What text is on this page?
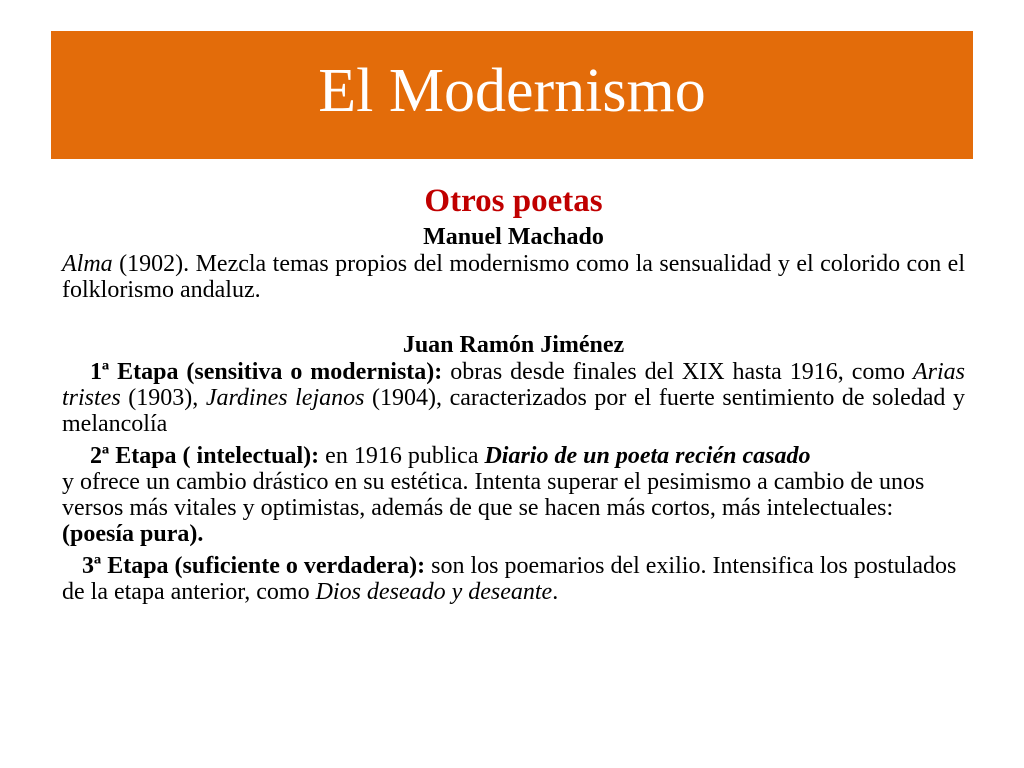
El Modernismo

Otros poetas

Manuel Machado

Alma (1902). Mezcla temas propios del modernismo como la sensualidad y el colorido con el folklorismo andaluz.

Juan Ramón Jiménez

1ª Etapa (sensitiva o modernista): obras desde finales del XIX hasta 1916, como Arias tristes (1903), Jardines lejanos (1904), caracterizados por el fuerte sentimiento de soledad y melancolía

2ª Etapa ( intelectual): en 1916 publica Diario de un poeta recién casado
y ofrece un cambio drástico en su estética. Intenta superar el pesimismo a cambio de unos versos más vitales y optimistas, además de que se hacen más cortos, más intelectuales: (poesía pura).

3ª Etapa (suficiente o verdadera): son los poemarios del exilio. Intensifica los postulados de la etapa anterior, como Dios deseado y deseante.
